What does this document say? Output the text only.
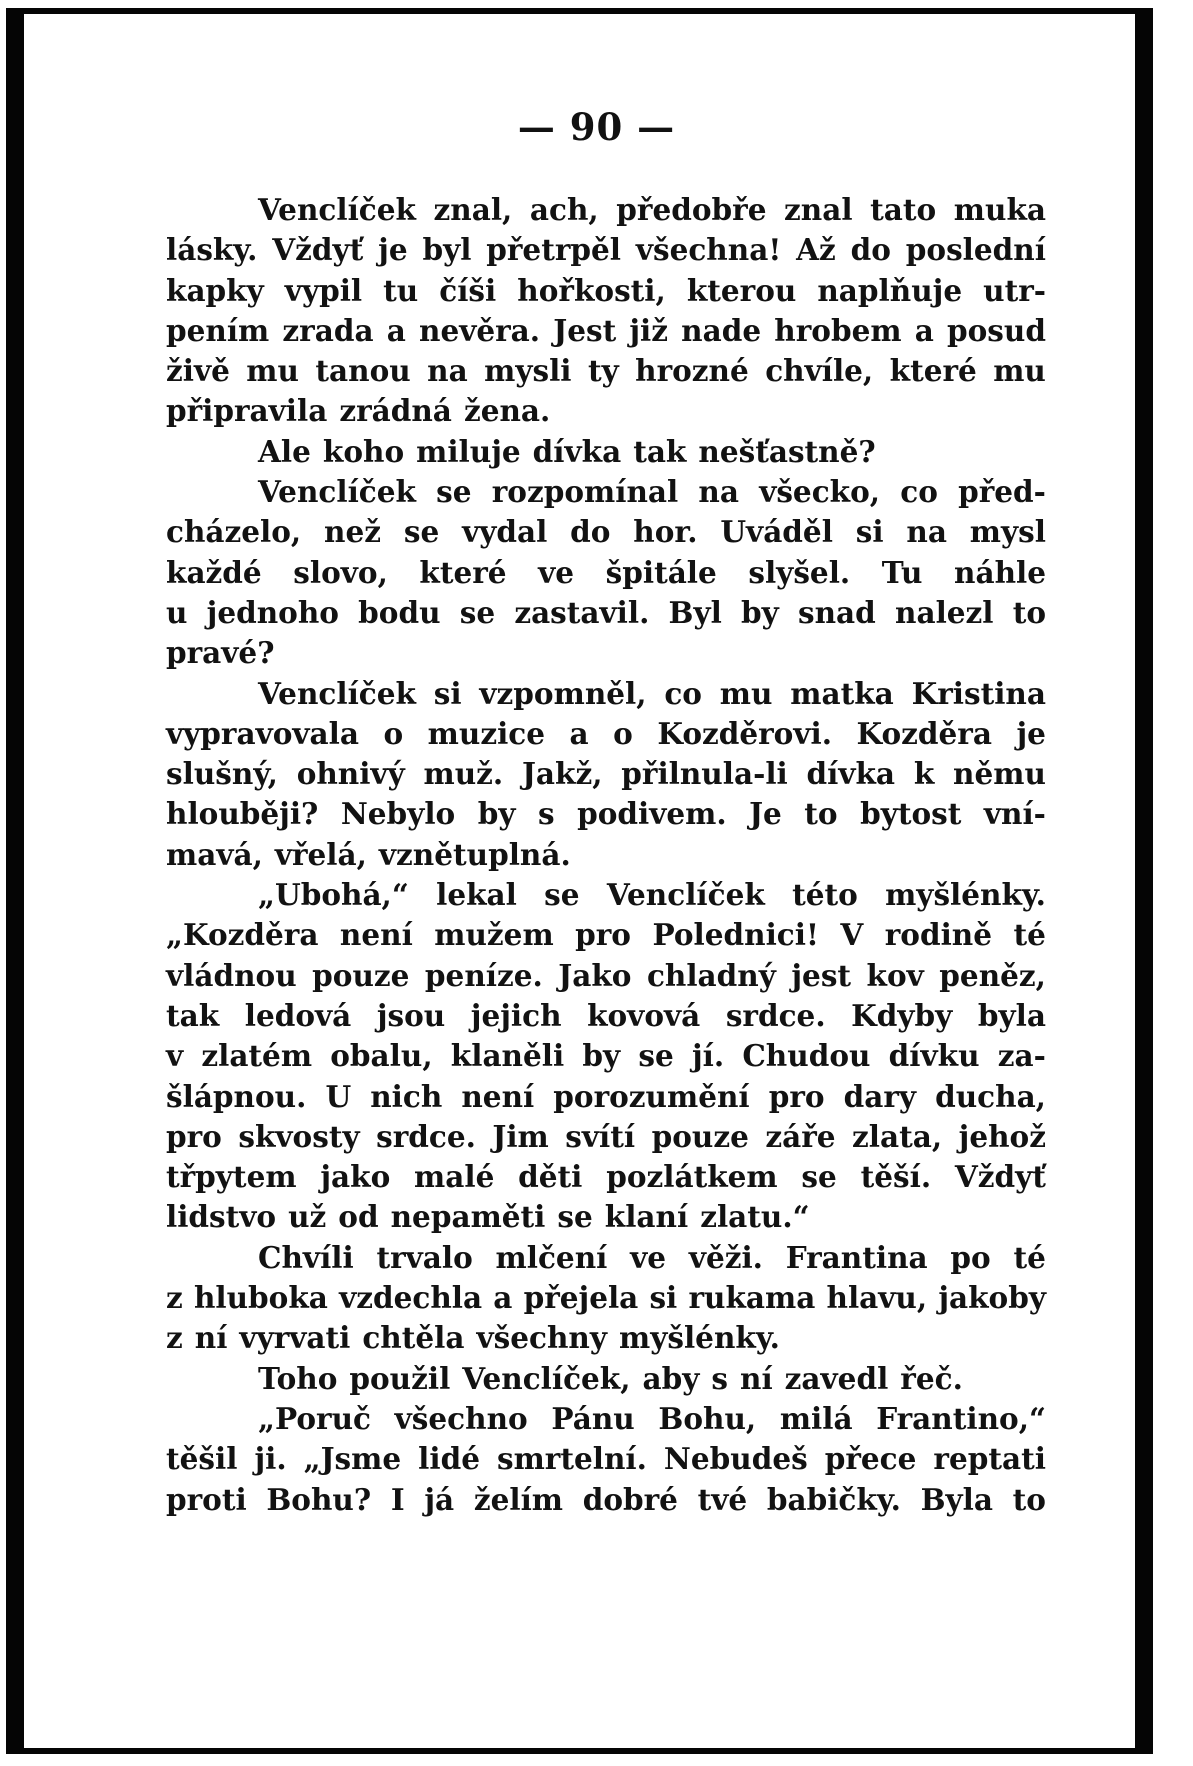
— 90 —
Venclíček znal, ach, předobře znal tato muka
lásky. Vždyť je byl přetrpěl všechna! Až do poslední
kapky vypil tu číši hořkosti, kterou naplňuje utr-
pením zrada a nevěra. Jest již nade hrobem a posud
živě mu tanou na mysli ty hrozné chvíle, které mu
připravila zrádná žena.
Ale koho miluje dívka tak nešťastně?
Venclíček se rozpomínal na všecko, co před-
cházelo, než se vydal do hor. Uváděl si na mysl
každé slovo, které ve špitále slyšel. Tu náhle
u jednoho bodu se zastavil. Byl by snad nalezl to
pravé?
Venclíček si vzpomněl, co mu matka Kristina
vypravovala o muzice a o Kozděrovi. Kozděra je
slušný, ohnivý muž. Jakž, přilnula-li dívka k němu
hlouběji? Nebylo by s podivem. Je to bytost vní-
mavá, vřelá, vznětuplná.
„Ubohá,“ lekal se Venclíček této myšlénky.
„Kozděra není mužem pro Polednici! V rodině té
vládnou pouze peníze. Jako chladný jest kov peněz,
tak ledová jsou jejich kovová srdce. Kdyby byla
v zlatém obalu, klaněli by se jí. Chudou dívku za-
šlápnou. U nich není porozumění pro dary ducha,
pro skvosty srdce. Jim svítí pouze záře zlata, jehož
třpytem jako malé děti pozlátkem se těší. Vždyť
lidstvo už od nepaměti se klaní zlatu.“
Chvíli trvalo mlčení ve věži. Frantina po té
z hluboka vzdechla a přejela si rukama hlavu, jakoby
z ní vyrvati chtěla všechny myšlénky.
Toho použil Venclíček, aby s ní zavedl řeč.
„Poruč všechno Pánu Bohu, milá Frantino,“
těšil ji. „Jsme lidé smrtelní. Nebudeš přece reptati
proti Bohu? I já želím dobré tvé babičky. Byla to
